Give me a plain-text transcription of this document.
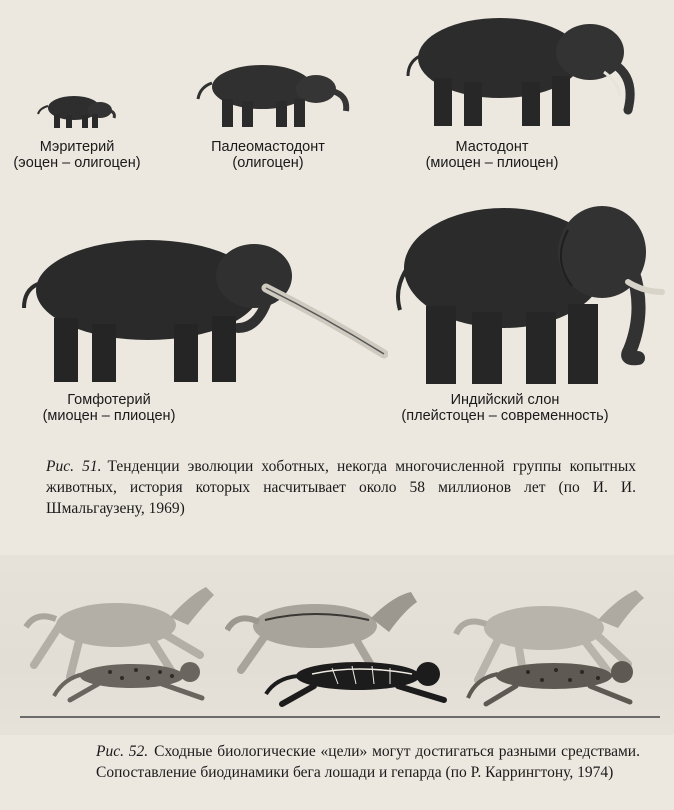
Мэритерий
(эоцен – олигоцен)
Палеомастодонт
(олигоцен)
Мастодонт
(миоцен – плиоцен)
Гомфотерий
(миоцен – плиоцен)
Индийский слон
(плейстоцен – современность)
Рис. 51. Тенденции эволюции хоботных, некогда многочисленной группы копытных животных, история которых насчитывает около 58 миллионов лет (по И. И. Шмальгаузену, 1969)
Рис. 52. Сходные биологические «цели» могут достигаться разными средствами. Сопоставление биодинамики бега лошади и гепарда (по Р. Каррингтону, 1974)
